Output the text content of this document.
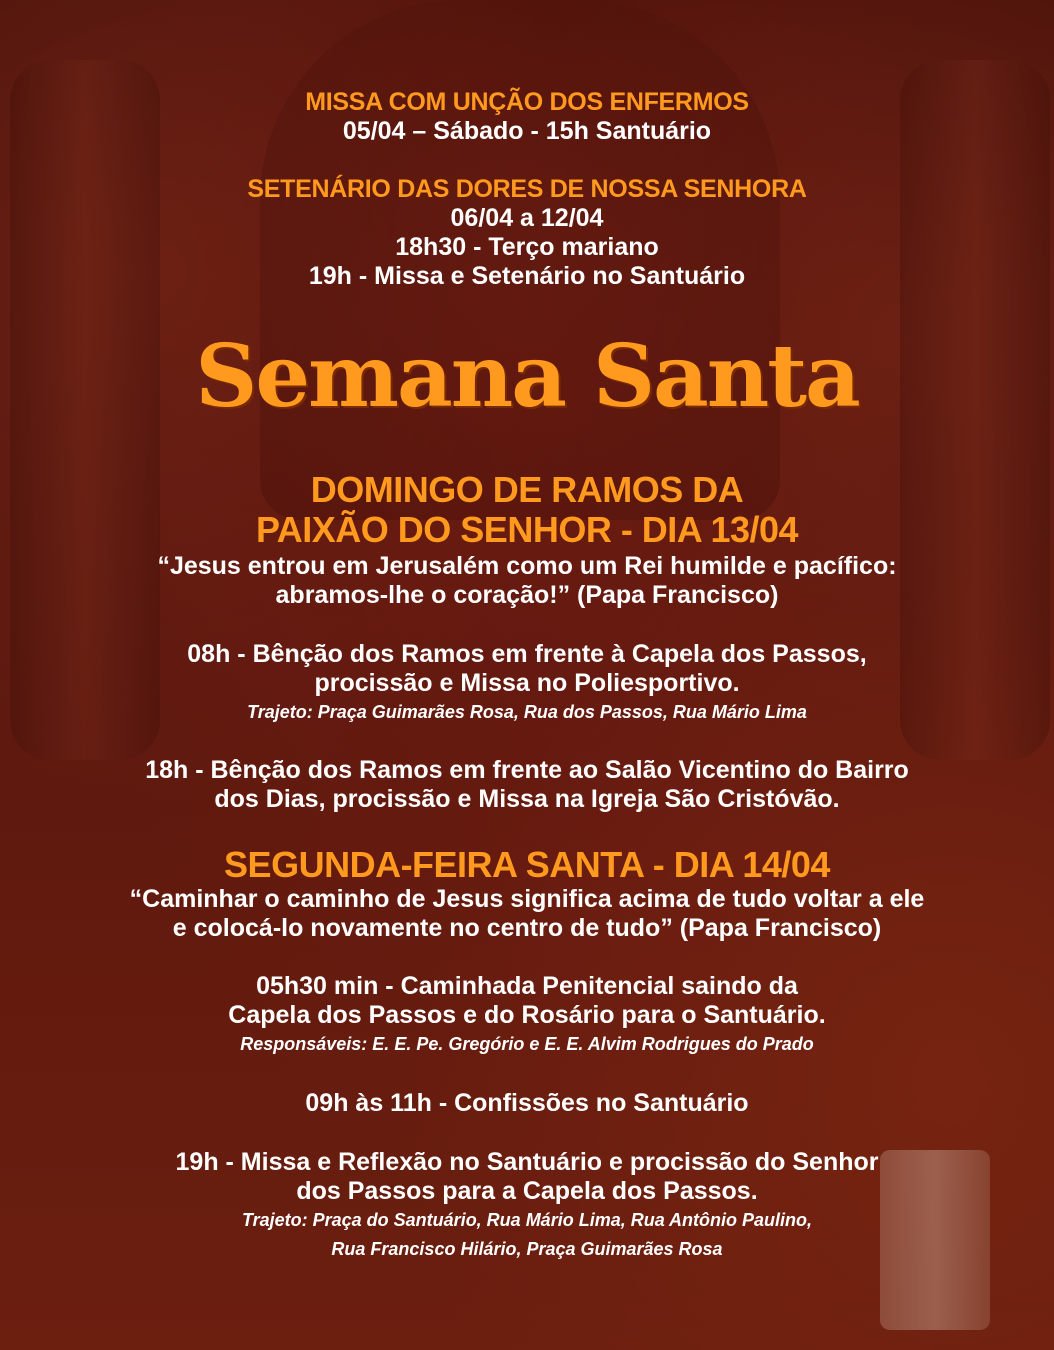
MISSA COM UNÇÃO DOS ENFERMOS
05/04 – Sábado - 15h Santuário
SETENÁRIO DAS DORES DE NOSSA SENHORA
06/04 a 12/04
18h30 - Terço mariano
19h - Missa e Setenário no Santuário
Semana Santa
DOMINGO DE RAMOS DA
PAIXÃO DO SENHOR - DIA 13/04
“Jesus entrou em Jerusalém como um Rei humilde e pacífico:
abramos-lhe o coração!” (Papa Francisco)
08h - Bênção dos Ramos em frente à Capela dos Passos,
procissão e Missa no Poliesportivo.
Trajeto: Praça Guimarães Rosa, Rua dos Passos, Rua Mário Lima
18h - Bênção dos Ramos em frente ao Salão Vicentino do Bairro
dos Dias, procissão e Missa na Igreja São Cristóvão.
SEGUNDA-FEIRA SANTA - DIA 14/04
“Caminhar o caminho de Jesus significa acima de tudo voltar a ele
e colocá-lo novamente no centro de tudo” (Papa Francisco)
05h30 min - Caminhada Penitencial saindo da
Capela dos Passos e do Rosário para o Santuário.
Responsáveis: E. E. Pe. Gregório e E. E. Alvim Rodrigues do Prado
09h às 11h - Confissões no Santuário
19h - Missa e Reflexão no Santuário e procissão do Senhor
dos Passos para a Capela dos Passos.
Trajeto: Praça do Santuário, Rua Mário Lima, Rua Antônio Paulino,
Rua Francisco Hilário, Praça Guimarães Rosa
